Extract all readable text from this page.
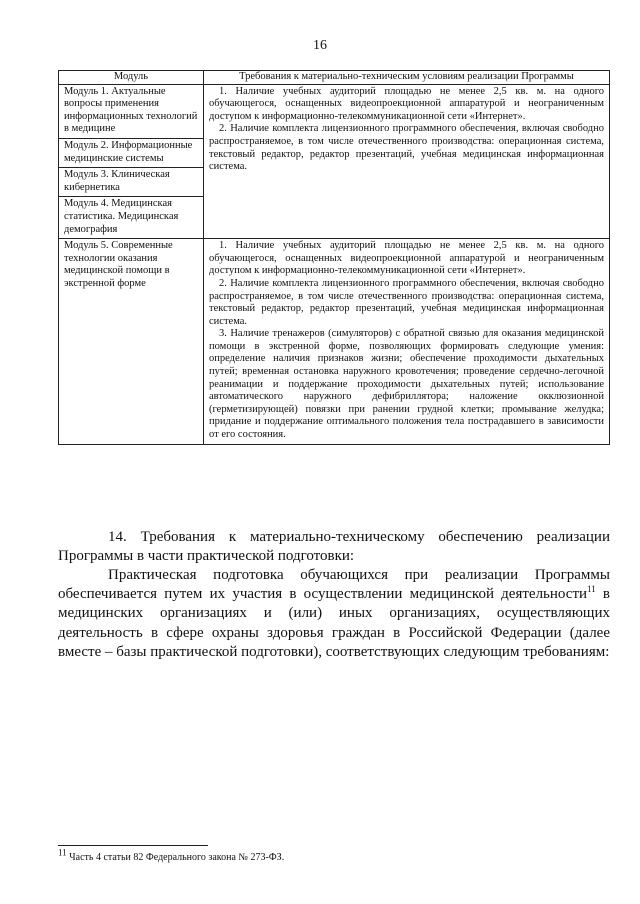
16
Модуль	Требования к материально-техническим условиям реализации Программы
Модуль 1. Актуальные вопросы применения информационных технологий в медицине	1. Наличие учебных аудиторий площадью не менее 2,5 кв. м. на одного обучающегося, оснащенных видеопроекционной аппаратурой и неограниченным доступом к информационно-телекоммуникационной сети «Интернет».

2. Наличие комплекта лицензионного программного обеспечения, включая свободно распространяемое, в том числе отечественного производства: операционная система, текстовый редактор, редактор презентаций, учебная медицинская информационная система.

Модуль 2. Информационные медицинские системы	
Модуль 3. Клиническая кибернетика	
Модуль 4. Медицинская статистика. Медицинская демография	
Модуль 5. Современные технологии оказания медицинской помощи в экстренной форме	1. Наличие учебных аудиторий площадью не менее 2,5 кв. м. на одного обучающегося, оснащенных видеопроекционной аппаратурой и неограниченным доступом к информационно-телекоммуникационной сети «Интернет».

2. Наличие комплекта лицензионного программного обеспечения, включая свободно распространяемое, в том числе отечественного производства: операционная система, текстовый редактор, редактор презентаций, учебная медицинская информационная система.

3. Наличие тренажеров (симуляторов) с обратной связью для оказания медицинской помощи в экстренной форме, позволяющих формировать следующие умения: определение наличия признаков жизни; обеспечение проходимости дыхательных путей; временная остановка наружного кровотечения; проведение сердечно-легочной реанимации и поддержание проходимости дыхательных путей; использование автоматического наружного дефибриллятора; наложение окклюзионной (герметизирующей) повязки при ранении грудной клетки; промывание желудка; придание и поддержание оптимального положения тела пострадавшего в зависимости от его состояния.

14. Требования к материально-техническому обеспечению реализации Программы в части практической подготовки:

Практическая подготовка обучающихся при реализации Программы обеспечивается путем их участия в осуществлении медицинской деятельности$^{11}$ в медицинских организациях и (или) иных организациях, осуществляющих деятельность в сфере охраны здоровья граждан в Российской Федерации (далее вместе – базы практической подготовки), соответствующих следующим требованиям:

$^{11}$ Часть 4 статьи 82 Федерального закона № 273-ФЗ.
